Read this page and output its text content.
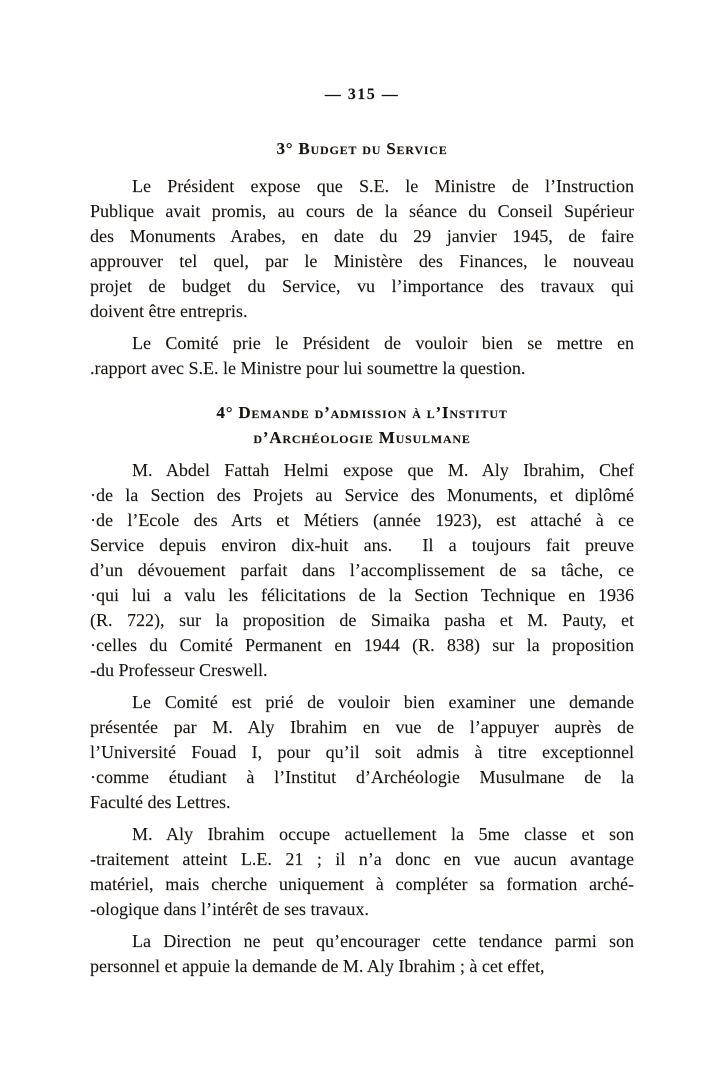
— 315 —
3° Budget du Service
Le Président expose que S.E. le Ministre de l’Instruction
Publique avait promis, au cours de la séance du Conseil Supérieur
des Monuments Arabes, en date du 29 janvier 1945, de faire
approuver tel quel, par le Ministère des Finances, le nouveau
projet de budget du Service, vu l’importance des travaux qui
doivent être entrepris.
Le Comité prie le Président de vouloir bien se mettre en
.rapport avec S.E. le Ministre pour lui soumettre la question.
4° Demande d’admission à l’Institut
d’Archéologie Musulmane
M. Abdel Fattah Helmi expose que M. Aly Ibrahim, Chef
·de la Section des Projets au Service des Monuments, et diplômé
·de l’Ecole des Arts et Métiers (année 1923), est attaché à ce
Service depuis environ dix-huit ans.  Il a toujours fait preuve
d’un dévouement parfait dans l’accomplissement de sa tâche, ce
·qui lui a valu les félicitations de la Section Technique en 1936
(R. 722), sur la proposition de Simaika pasha et M. Pauty, et
·celles du Comité Permanent en 1944 (R. 838) sur la proposition
-du Professeur Creswell.
Le Comité est prié de vouloir bien examiner une demande
présentée par M. Aly Ibrahim en vue de l’appuyer auprès de
l’Université Fouad I, pour qu’il soit admis à titre exceptionnel
·comme étudiant à l’Institut d’Archéologie Musulmane de la
Faculté des Lettres.
M. Aly Ibrahim occupe actuellement la 5me classe et son
-traitement atteint L.E. 21 ; il n’a donc en vue aucun avantage
matériel, mais cherche uniquement à compléter sa formation arché-
-ologique dans l’intérêt de ses travaux.
La Direction ne peut qu’encourager cette tendance parmi son
personnel et appuie la demande de M. Aly Ibrahim ; à cet effet,
